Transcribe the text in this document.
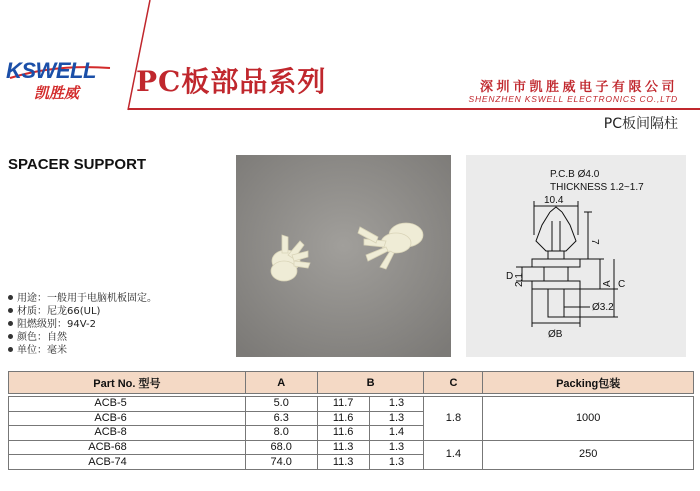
KSWELL
凯胜威 PC板部品系列	深圳市凯胜威电子有限公司
SHENZHEN KSWELL ELECTRONICS CO.,LTD
PC板间隔柱
SPACER SUPPORT
P.C.B Ø4.0
THICKNESS 1.2~1.7
10.4
7
A C
D 2.1
Ø3.2
ØB
用途：一般用于电脑机板固定。
材质：尼龙66(UL)
阻燃级别：94V-2
颜色：自然
单位：毫米
Part No. 型号	A	B		C	Packing包装

ACB-5	5.0	11.7	1.3	1.8	1000
ACB-6	6.3	11.6	1.3		
ACB-8	8.0	11.6	1.4		
ACB-68	68.0	11.3	1.3	1.4	250
ACB-74	74.0	11.3	1.3		
